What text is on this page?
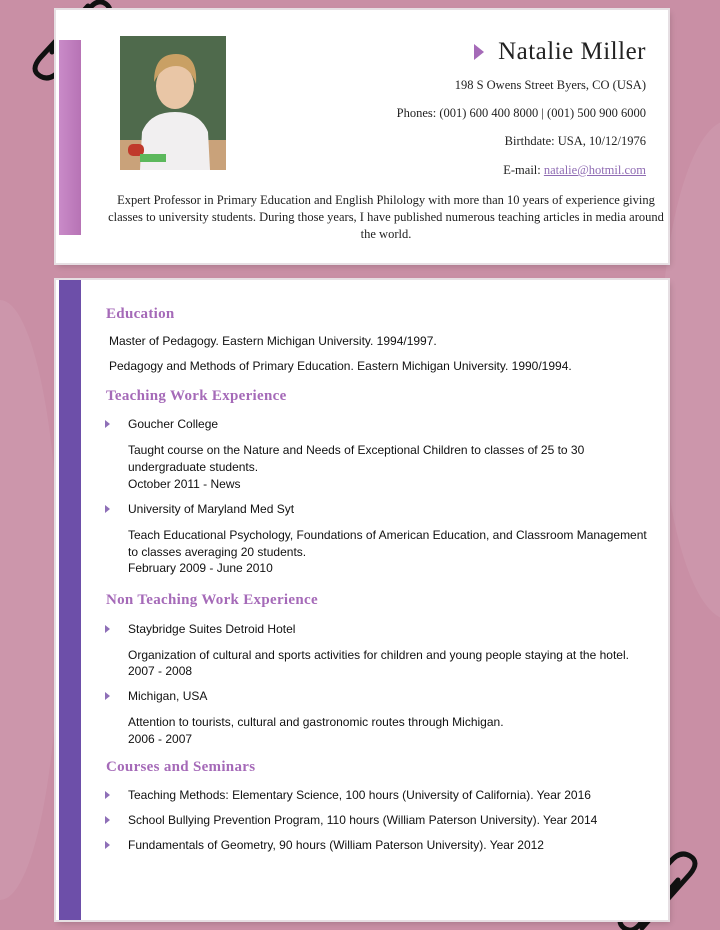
Natalie Miller
198 S Owens Street Byers, CO (USA)
Phones: (001) 600 400 8000 | (001) 500 900 6000
Birthdate: USA, 10/12/1976
E-mail: natalie@hotmil.com
Expert Professor in Primary Education and English Philology with more than 10 years of experience giving classes to university students. During those years, I have published numerous teaching articles in media around the world.
Education
Master of Pedagogy. Eastern Michigan University. 1994/1997.
Pedagogy and Methods of Primary Education. Eastern Michigan University. 1990/1994.
Teaching Work Experience
Goucher College
Taught course on the Nature and Needs of Exceptional Children to classes of 25 to 30 undergraduate students.
October 2011 - News
University of Maryland Med Syt
Teach Educational Psychology, Foundations of American Education, and Classroom Management to classes averaging 20 students.
February 2009 - June 2010
Non Teaching Work Experience
Staybridge Suites Detroid Hotel
Organization of cultural and sports activities for children and young people staying at the hotel.
2007 - 2008
Michigan, USA
Attention to tourists, cultural and gastronomic routes through Michigan.
2006 - 2007
Courses and Seminars
Teaching Methods: Elementary Science, 100 hours (University of California). Year 2016
School Bullying Prevention Program, 110 hours (William Paterson University). Year 2014
Fundamentals of Geometry, 90 hours (William Paterson University). Year 2012
